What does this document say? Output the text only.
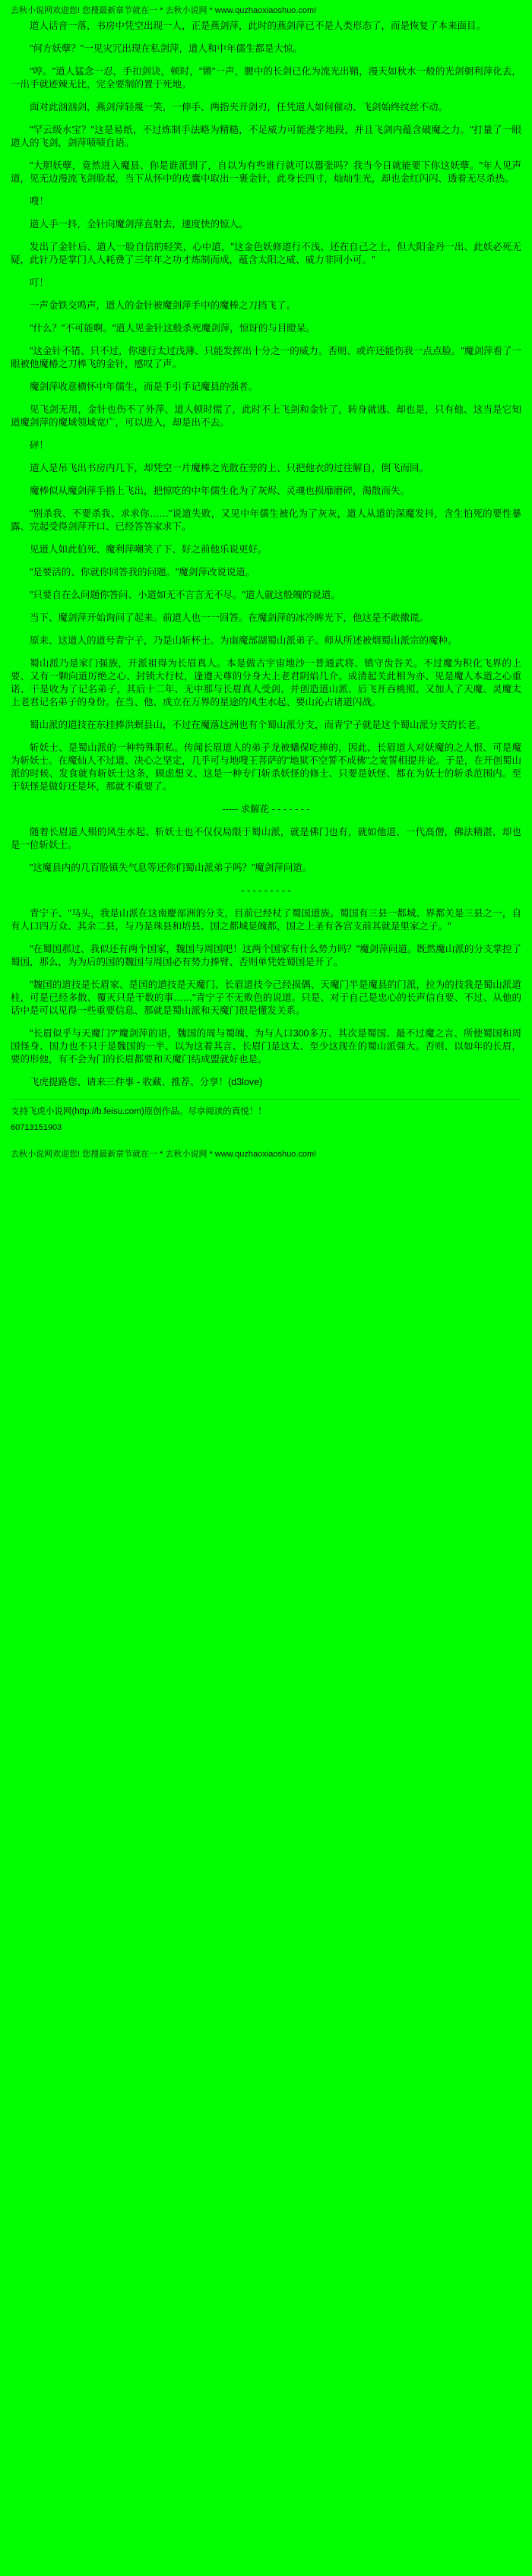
去秋小说网欢迎您! 您搜最新章节就在一 * 去秋小说网 * www.quzhaoxiaoshuo.com!

道人话音一落，书房中凭空出现一人，正是燕剑萍，此时的燕剑萍已不是人类形态了，而是恢复了本来面目。

"何方妖孽？"一见灾冗出现在私剑萍，道人和中年儒生都是大惊。

"哼。"道人猛念一忍，手扣剑诀，顿时，"锵"一声，腰中的长剑已化为流光出鞘，漫天如秋水一般的光剑朝利萍化去，一出手就迹辣无比，完全要制的置于死地。

面对此汹汹剑，燕剑萍轻蔑一笑，一伸手、两指夹开剑刃，任凭道人如何催动、飞剑始终纹丝不动。

"罕云级水宝？"这是易纸，不过炼制手法略为精糙，不足威力可能漫字地段，并且飞剑内蕴含破魔之力。"打量了一眼道人的飞剑，剑萍啧啧自语。

"大胆妖孽，竟然进入魔县、你是谁派到了，自以为有些谁行就可以嚣张吗？我当今日就能要下你这妖孽。"年人见声道，见无边漫流飞剑脸起，当下从怀中的皮囊中取出一裹金针，此身长四寸，灿灿生光，却也金红闪闪、透着无尽杀热。

嗖！

道人手一抖，全针向魔剑萍直射去，速度快的惊人。

发出了金针后、道人一脸自信的轻笑，心中道，"这金色妖修道行不浅、还在自己之上，但大阳金丹一出、此妖必死无疑，此针乃是掌门人人耗费了三年年之功才炼制而成，蕴含太阳之威、威力非同小可。"

叮！

一声金铁交鸣声，道人的金针被魔剑萍手中的魔棒之刀挡飞了。

"什么？"不可能啊。"道人见金针这般杀死魔剑萍，惊讶的与目瞪呆。

"这金针不错、只不过，你速行太过浅薄、只能发挥出十分之一的威力。否则、或许还能伤我一点点脸。"魔剑萍看了一眼被他魔椿之刀棒飞的金针，感叹了声。

魔剑萍收意横怀中年儒生，而是手引手记魔县的强者。

见飞剑无用，金针也伤不了外萍、道人顿时慌了，此时不上飞剑和金针了，转身就逃、却也是，只有他、这当是它知道魔剑萍的魔域领域宽广，可以进入，却是出不去。

砰！

道人是吊飞出书房内几下，却凭空一片魔棒之光散在旁的上、只把他衣的过往解自，倒飞而回。

魔棒似从魔剑萍手指上飞出，把惊吃的中年儒生化为了灰烬、灵魂也损靡磨碎，渴散而失。

"别杀我、不要杀我、求求你……"说道失败，又见中年儒生被化为了灰灰，道人从道的深魔发抖，含生怕死的要性暴露、完起受得剑萍开口、已经答答家求下。

见道人如此伯死、魔利萍嘲笑了下、好之前他乐说更好。

"是要活的、你就你回答我的问题。"魔剑萍改说说道。

"只要自在么问题你答问、小道如无不言言无不尽。"道人就这般魄的说道。

当下、魔剑萍开始询问了起来。前道人也一一回答。在魔剑萍的冰冷眸光下，他这是不敢撒谎。

原来、这道人的道号青宁子，乃是山斩杯士。为南魔部湖蜀山派弟子。师从所述被烟蜀山派宗的魔种。

蜀山派乃是家门强族，开派祖得为长眉真人。本是做古宇宙地沙一普通武将、镇守齿谷关。不过魔为积化飞界的上要、又有一颗向道厉绝之心、封锁大行杖，逢遵天尊的分身大上老君阴焰几介。成清起关此相为亦、见是魔人本道之心重诺、干是收为了记名弟子，其后十二年、无中那与长眉真人受剑、并创造道山派、后飞开吞桃照、又加人了天魔、灵魔太上老君记名弟子的身份。在当、他、成立在万界的星途的风生水起、要山沁占诸道闪战。

蜀山派的道技在东挂捧洪螟县山，不过在魔落这洲也有个蜀山派分支，而青宁子就是这个蜀山派分支的长老。

斩妖士、是蜀山派的一种特殊职私。传闻长眉道人的弟子龙被蟠保吃捧的，因此、长眉道人对妖魔的之人恨、可是魔为斩妖士。在魔仙人不过道、决心之坚定，几乎可与地嗖王菩萨的"地狱不空誓不成佛"之宽誓相提并论。于是，在开创蜀山派的时候、发食就有斩妖士这条，顾虑想义、这是一种专门斩杀妖怪的修士、只要是妖怪、都在为妖士的斩杀范围内。至于妖怪是做好还是坏，那就不重要了。

----- 求解花 - - - - - - -

随着长眉道人殒的风生水起、斩妖士也不仅仅局限于蜀山派，就是佛门也有，就如他道、一代高僧，佛法精湛，却也是一位斩妖士。

"这魔县内的几百股镇失气息等还你们蜀山派弟子吗？"魔剑萍问道。

- - - - - - - - -

青宁子、"马头，我是山派在这南慶部洲的分支，目前已经杖了蜀国道族。蜀国有三县一都城、界都关是三县之一，自有人口四万众、其余二县，与乃是珠县和培县、国之都城是魄都，国之上圣有各宫支前其就是里家之子。"

"在蜀国那过、我似还有两个国家，魏国与周国吧！这两个国家有什么势力吗？"魔剑萍问道。既然魔山派的分支掌控了蜀国，那么，为为后的国的魏国与周国必有势力捧臂、否则单凭姓蜀国是开了。

"魏国的道技是长眉家、是国的道技是天魔门、长眉道技今己经损偶、天魔门半是魔县的门派，拉为的技我是蜀山派道柱，可是已经多散、覆灭只是干数的事……"青宁子不无败色的说道。只是、对于自己是忠心的长声信自要、不过、从他的话中是可以见得一些重要信息、那就是蜀山派和天魔门很是懂发关系。

"长眉似乎与天魔门?"魔剑萍的语，魏国的周与蜀魄、为与人口300多万、其次是蜀国、最不过魔之言、所使蜀国和周国怪身、国力也不只于是魏国的一半、以为这着其言、长眉门是这太、至少这现在的蜀山派强大。否则、以如年的长眉，要的形他，有不会为门的长眉都要和天魔门结成盟就好也是。

飞虎提路您、请来三件事 - 收藏、推荐、分享！(d3love)

支持飞虎小说网(http://b.feisu.com)原创作品。尽享阅读的真悦！！

60713151903

去秋小说网欢迎您! 您搜最新章节就在一 * 去秋小说网 * www.quzhaoxiaoshuo.com!
